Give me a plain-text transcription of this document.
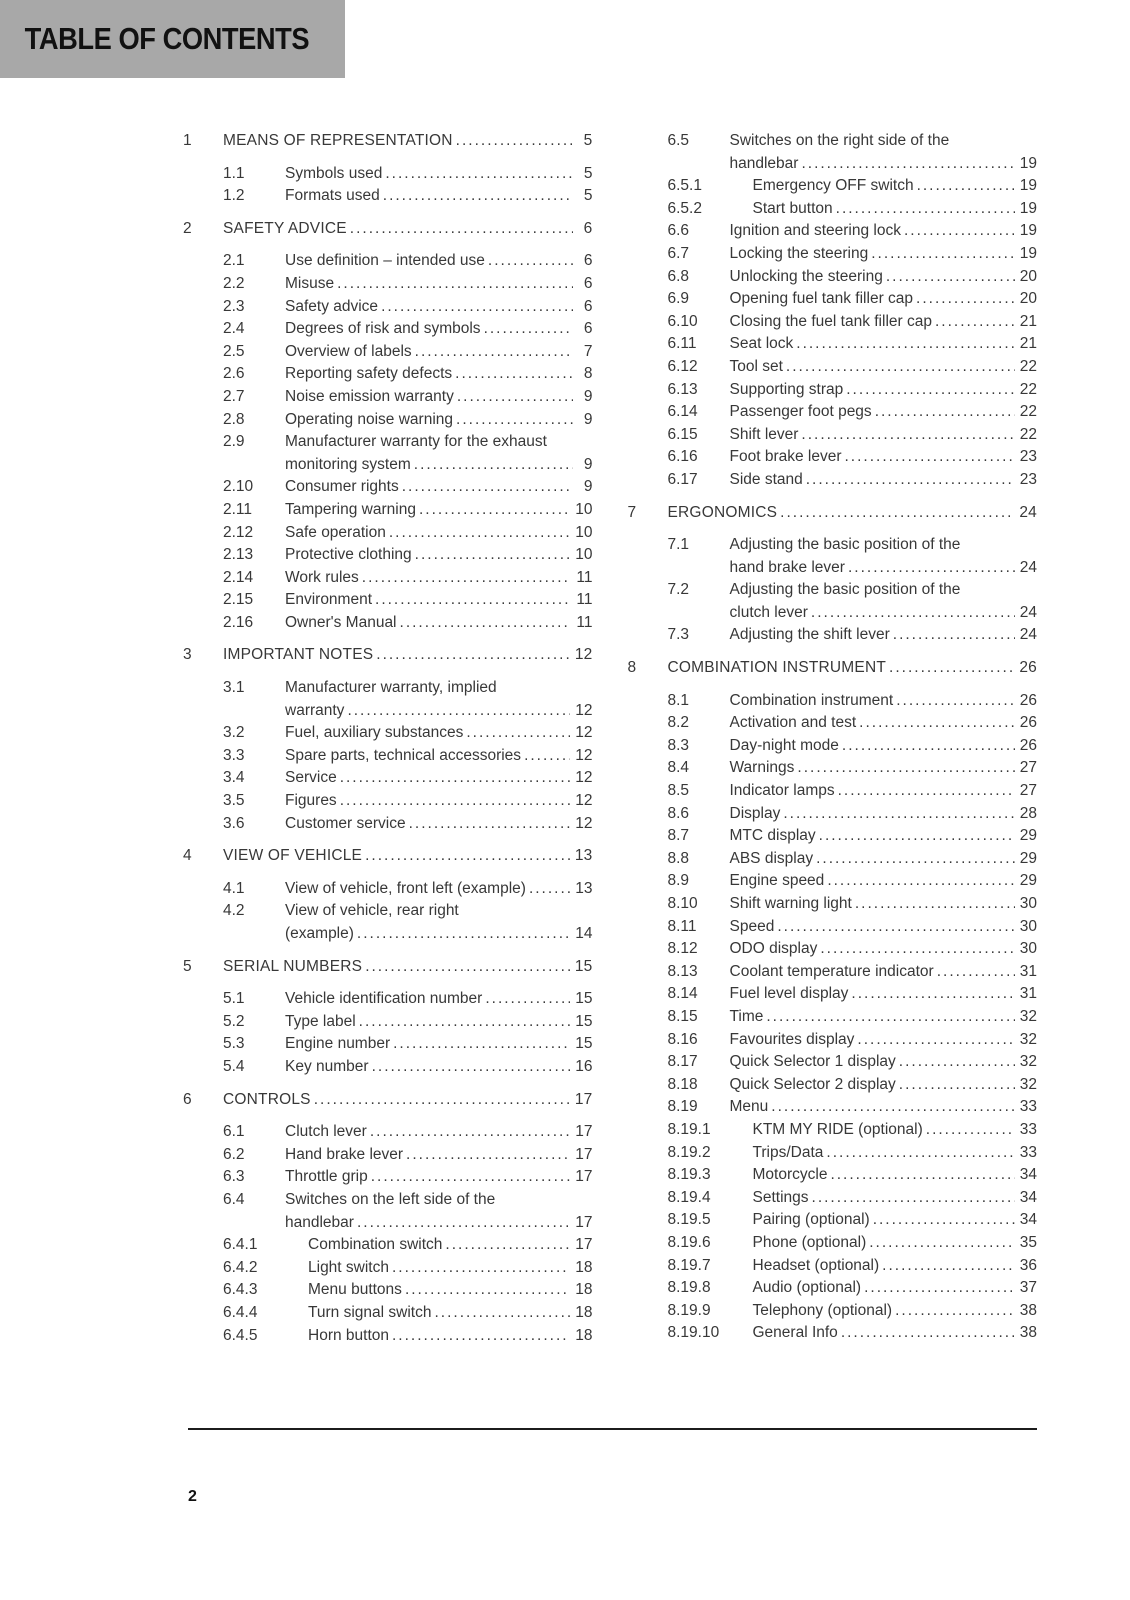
TABLE OF CONTENTS
1	MEANS OF REPRESENTATION .....	5
1.1	Symbols used .....	5
1.2	Formats used .....	5
2	SAFETY ADVICE .....	6
2.1	Use definition – intended use .....	6
2.2	Misuse .....	6
2.3	Safety advice .....	6
2.4	Degrees of risk and symbols .....	6
2.5	Overview of labels .....	7
2.6	Reporting safety defects .....	8
2.7	Noise emission warranty .....	9
2.8	Operating noise warning .....	9
2.9	Manufacturer warranty for the exhaust
monitoring system .....	9
2.10	Consumer rights .....	9
2.11	Tampering warning .....	10
2.12	Safe operation .....	10
2.13	Protective clothing .....	10
2.14	Work rules .....	11
2.15	Environment .....	11
2.16	Owner's Manual .....	11
3	IMPORTANT NOTES .....	12
3.1	Manufacturer warranty, implied
warranty .....	12
3.2	Fuel, auxiliary substances .....	12
3.3	Spare parts, technical accessories .....	12
3.4	Service .....	12
3.5	Figures .....	12
3.6	Customer service .....	12
4	VIEW OF VEHICLE .....	13
4.1	View of vehicle, front left (example) .....	13
4.2	View of vehicle, rear right
(example) .....	14
5	SERIAL NUMBERS .....	15
5.1	Vehicle identification number .....	15
5.2	Type label .....	15
5.3	Engine number .....	15
5.4	Key number .....	16
6	CONTROLS .....	17
6.1	Clutch lever .....	17
6.2	Hand brake lever .....	17
6.3	Throttle grip .....	17
6.4	Switches on the left side of the
handlebar .....	17
6.4.1	Combination switch .....	17
6.4.2	Light switch .....	18
6.4.3	Menu buttons .....	18
6.4.4	Turn signal switch .....	18
6.4.5	Horn button .....	18
6.5	Switches on the right side of the
handlebar .....	19
6.5.1	Emergency OFF switch .....	19
6.5.2	Start button .....	19
6.6	Ignition and steering lock .....	19
6.7	Locking the steering .....	19
6.8	Unlocking the steering .....	20
6.9	Opening fuel tank filler cap .....	20
6.10	Closing the fuel tank filler cap .....	21
6.11	Seat lock .....	21
6.12	Tool set .....	22
6.13	Supporting strap .....	22
6.14	Passenger foot pegs .....	22
6.15	Shift lever .....	22
6.16	Foot brake lever .....	23
6.17	Side stand .....	23
7	ERGONOMICS .....	24
7.1	Adjusting the basic position of the
hand brake lever .....	24
7.2	Adjusting the basic position of the
clutch lever .....	24
7.3	Adjusting the shift lever .....	24
8	COMBINATION INSTRUMENT .....	26
8.1	Combination instrument .....	26
8.2	Activation and test .....	26
8.3	Day-night mode .....	26
8.4	Warnings .....	27
8.5	Indicator lamps .....	27
8.6	Display .....	28
8.7	MTC display .....	29
8.8	ABS display .....	29
8.9	Engine speed .....	29
8.10	Shift warning light .....	30
8.11	Speed .....	30
8.12	ODO display .....	30
8.13	Coolant temperature indicator .....	31
8.14	Fuel level display .....	31
8.15	Time .....	32
8.16	Favourites display .....	32
8.17	Quick Selector 1 display .....	32
8.18	Quick Selector 2 display .....	32
8.19	Menu .....	33
8.19.1	KTM MY RIDE (optional) .....	33
8.19.2	Trips/Data .....	33
8.19.3	Motorcycle .....	34
8.19.4	Settings .....	34
8.19.5	Pairing (optional) .....	34
8.19.6	Phone (optional) .....	35
8.19.7	Headset (optional) .....	36
8.19.8	Audio (optional) .....	37
8.19.9	Telephony (optional) .....	38
8.19.10	General Info .....	38
2
